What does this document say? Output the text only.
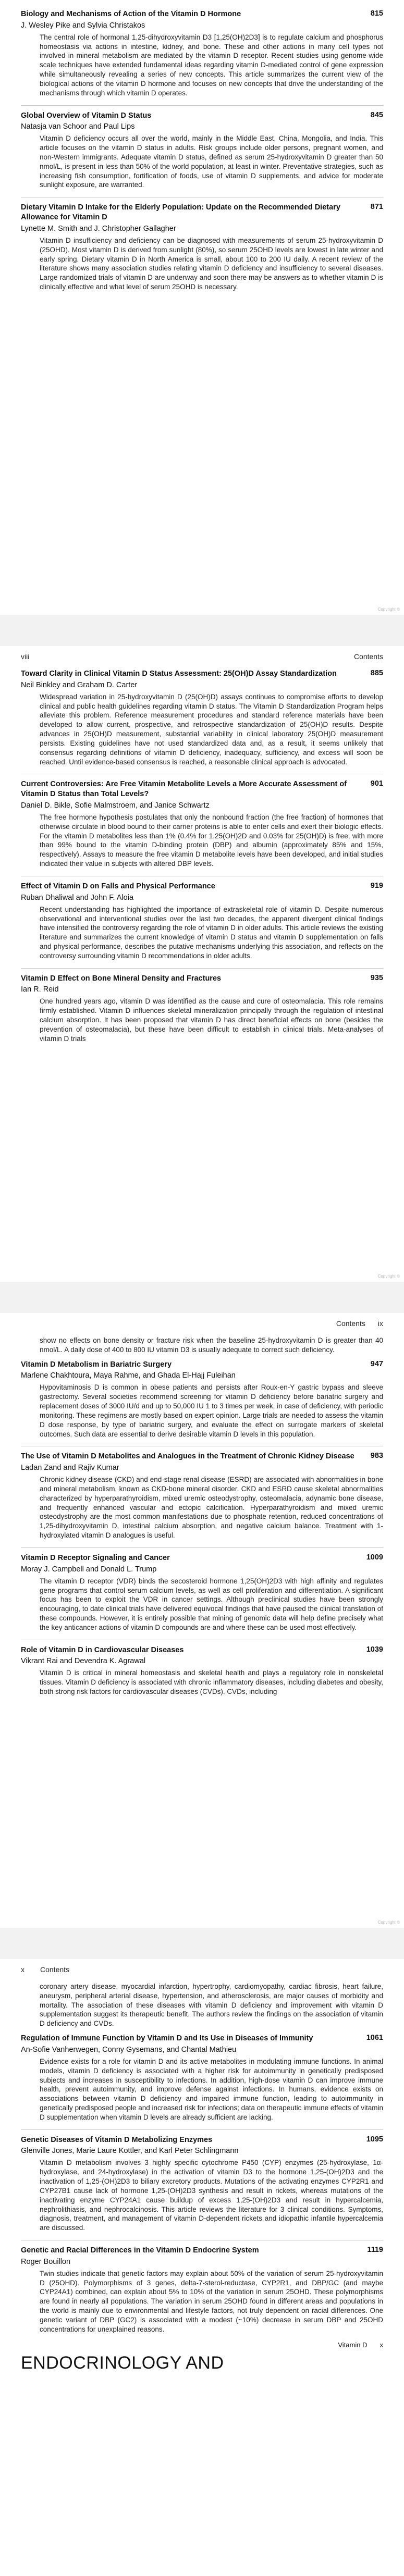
Biology and Mechanisms of Action of the Vitamin D Hormone	815
J. Wesley Pike and Sylvia Christakos

The central role of hormonal 1,25-dihydroxyvitamin D3 [1,25(OH)2D3] is to regulate calcium and phosphorus homeostasis via actions in intestine, kidney, and bone. These and other actions in many cell types not involved in mineral metabolism are mediated by the vitamin D receptor. Recent studies using genome-wide scale techniques have extended fundamental ideas regarding vitamin D-mediated control of gene expression while simultaneously revealing a series of new concepts. This article summarizes the current view of the biological actions of the vitamin D hormone and focuses on new concepts that drive the understanding of the mechanisms through which vitamin D operates.

Global Overview of Vitamin D Status	845
Natasja van Schoor and Paul Lips

Vitamin D deficiency occurs all over the world, mainly in the Middle East, China, Mongolia, and India. This article focuses on the vitamin D status in adults. Risk groups include older persons, pregnant women, and non-Western immigrants. Adequate vitamin D status, defined as serum 25-hydroxyvitamin D greater than 50 nmol/L, is present in less than 50% of the world population, at least in winter. Preventative strategies, such as increasing fish consumption, fortification of foods, use of vitamin D supplements, and advice for moderate sunlight exposure, are warranted.

Dietary Vitamin D Intake for the Elderly Population: Update on the Recommended Dietary Allowance for Vitamin D
871
Lynette M. Smith and J. Christopher Gallagher

Vitamin D insufficiency and deficiency can be diagnosed with measurements of serum 25-hydroxyvitamin D (25OHD). Most vitamin D is derived from sunlight (80%), so serum 25OHD levels are lowest in late winter and early spring. Dietary vitamin D in North America is small, about 100 to 200 IU daily. A recent review of the literature shows many association studies relating vitamin D deficiency and insufficiency to several diseases. Large randomized trials of vitamin D are underway and soon there may be answers as to whether vitamin D is clinically effective and what level of serum 25OHD is necessary.

Copyright ©
viii	Contents
Toward Clarity in Clinical Vitamin D Status Assessment: 25(OH)D Assay Standardization	885
Neil Binkley and Graham D. Carter

Widespread variation in 25-hydroxyvitamin D (25(OH)D) assays continues to compromise efforts to develop clinical and public health guidelines regarding vitamin D status. The Vitamin D Standardization Program helps alleviate this problem. Reference measurement procedures and standard reference materials have been developed to allow current, prospective, and retrospective standardization of 25(OH)D results. Despite advances in 25(OH)D measurement, substantial variability in clinical laboratory 25(OH)D measurement persists. Existing guidelines have not used standardized data and, as a result, it seems unlikely that consensus regarding definitions of vitamin D deficiency, inadequacy, sufficiency, and excess will soon be reached. Until evidence-based consensus is reached, a reasonable clinical approach is advocated.

Current Controversies: Are Free Vitamin Metabolite Levels a More Accurate Assessment of Vitamin D Status than Total Levels?
901
Daniel D. Bikle, Sofie Malmstroem, and Janice Schwartz

The free hormone hypothesis postulates that only the nonbound fraction (the free fraction) of hormones that otherwise circulate in blood bound to their carrier proteins is able to enter cells and exert their biologic effects. For the vitamin D metabolites less than 1% (0.4% for 1,25(OH)2D and 0.03% for 25(OH)D) is free, with more than 99% bound to the vitamin D-binding protein (DBP) and albumin (approximately 85% and 15%, respectively). Assays to measure the free vitamin D metabolite levels have been developed, and initial studies indicated their value in subjects with altered DBP levels.

Effect of Vitamin D on Falls and Physical Performance	919
Ruban Dhaliwal and John F. Aloia

Recent understanding has highlighted the importance of extraskeletal role of vitamin D. Despite numerous observational and interventional studies over the last two decades, the apparent divergent clinical findings have intensified the controversy regarding the role of vitamin D in older adults. This article reviews the existing literature and summarizes the current knowledge of vitamin D status and vitamin D supplementation on falls and physical performance, describes the putative mechanisms underlying this association, and reflects on the controversy surrounding vitamin D recommendations in older adults.

Vitamin D Effect on Bone Mineral Density and Fractures	935
Ian R. Reid

One hundred years ago, vitamin D was identified as the cause and cure of osteomalacia. This role remains firmly established. Vitamin D influences skeletal mineralization principally through the regulation of intestinal calcium absorption. It has been proposed that vitamin D has direct beneficial effects on bone (besides the prevention of osteomalacia), but these have been difficult to establish in clinical trials. Meta-analyses of vitamin D trials

Copyright ©
Contents ix

show no effects on bone density or fracture risk when the baseline 25-hydroxyvitamin D is greater than 40 nmol/L. A daily dose of 400 to 800 IU vitamin D3 is usually adequate to correct such deficiency.

Vitamin D Metabolism in Bariatric Surgery	947
Marlene Chakhtoura, Maya Rahme, and Ghada El-Hajj Fuleihan

Hypovitaminosis D is common in obese patients and persists after Roux-en-Y gastric bypass and sleeve gastrectomy. Several societies recommend screening for vitamin D deficiency before bariatric surgery and replacement doses of 3000 IU/d and up to 50,000 IU 1 to 3 times per week, in case of deficiency, with periodic monitoring. These regimens are mostly based on expert opinion. Large trials are needed to assess the vitamin D dose response, by type of bariatric surgery, and evaluate the effect on surrogate markers of skeletal outcomes. Such data are essential to derive desirable vitamin D levels in this population.

The Use of Vitamin D Metabolites and Analogues in the Treatment of Chronic Kidney Disease	983
Ladan Zand and Rajiv Kumar

Chronic kidney disease (CKD) and end-stage renal disease (ESRD) are associated with abnormalities in bone and mineral metabolism, known as CKD-bone mineral disorder. CKD and ESRD cause skeletal abnormalities characterized by hyperparathyroidism, mixed uremic osteodystrophy, osteomalacia, adynamic bone disease, and frequently enhanced vascular and ectopic calcification. Hyperparathyroidism and mixed uremic osteodystrophy are the most common manifestations due to phosphate retention, reduced concentrations of 1,25-dihydroxyvitamin D, intestinal calcium absorption, and negative calcium balance. Treatment with 1-hydroxylated vitamin D analogues is useful.

Vitamin D Receptor Signaling and Cancer	1009
Moray J. Campbell and Donald L. Trump

The vitamin D receptor (VDR) binds the secosteroid hormone 1,25(OH)2D3 with high affinity and regulates gene programs that control serum calcium levels, as well as cell proliferation and differentiation. A significant focus has been to exploit the VDR in cancer settings. Although preclinical studies have been strongly encouraging, to date clinical trials have delivered equivocal findings that have paused the clinical translation of these compounds. However, it is entirely possible that mining of genomic data will help define precisely what the key anticancer actions of vitamin D compounds are and where these can be used most effectively.

Role of Vitamin D in Cardiovascular Diseases	1039
Vikrant Rai and Devendra K. Agrawal

Vitamin D is critical in mineral homeostasis and skeletal health and plays a regulatory role in nonskeletal tissues. Vitamin D deficiency is associated with chronic inflammatory diseases, including diabetes and obesity, both strong risk factors for cardiovascular diseases (CVDs). CVDs, including

Copyright ©
x Contents

coronary artery disease, myocardial infarction, hypertrophy, cardiomyopathy, cardiac fibrosis, heart failure, aneurysm, peripheral arterial disease, hypertension, and atherosclerosis, are major causes of morbidity and mortality. The association of these diseases with vitamin D deficiency and improvement with vitamin D supplementation suggest its therapeutic benefit. The authors review the findings on the association of vitamin D deficiency and CVDs.

Regulation of Immune Function by Vitamin D and Its Use in Diseases of Immunity	1061
An-Sofie Vanherwegen, Conny Gysemans, and Chantal Mathieu

Evidence exists for a role for vitamin D and its active metabolites in modulating immune functions. In animal models, vitamin D deficiency is associated with a higher risk for autoimmunity in genetically predisposed subjects and increases in susceptibility to infections. In addition, high-dose vitamin D can improve immune health, prevent autoimmunity, and improve defense against infections. In humans, evidence exists on associations between vitamin D deficiency and impaired immune function, leading to autoimmunity in genetically predisposed people and increased risk for infections; data on therapeutic immune effects of vitamin D supplementation when vitamin D levels are already sufficient are lacking.

Genetic Diseases of Vitamin D Metabolizing Enzymes	1095
Glenville Jones, Marie Laure Kottler, and Karl Peter Schlingmann

Vitamin D metabolism involves 3 highly specific cytochrome P450 (CYP) enzymes (25-hydroxylase, 1α-hydroxylase, and 24-hydroxylase) in the activation of vitamin D3 to the hormone 1,25-(OH)2D3 and the inactivation of 1,25-(OH)2D3 to biliary excretory products. Mutations of the activating enzymes CYP2R1 and CYP27B1 cause lack of hormone 1,25-(OH)2D3 synthesis and result in rickets, whereas mutations of the inactivating enzyme CYP24A1 cause buildup of excess 1,25-(OH)2D3 and result in hypercalcemia, nephrolithiasis, and nephrocalcinosis. This article reviews the literature for 3 clinical conditions. Symptoms, diagnosis, treatment, and management of vitamin D-dependent rickets and idiopathic infantile hypercalcemia are discussed.

Genetic and Racial Differences in the Vitamin D Endocrine System	1119
Roger Bouillon

Twin studies indicate that genetic factors may explain about 50% of the variation of serum 25-hydroxyvitamin D (25OHD). Polymorphisms of 3 genes, delta-7-sterol-reductase, CYP2R1, and DBP/GC (and maybe CYP24A1) combined, can explain about 5% to 10% of the variation in serum 25OHD. These polymorphisms are found in nearly all populations. The variation in serum 25OHD found in different areas and populations in the world is mainly due to environmental and lifestyle factors, not truly dependent on racial differences. One genetic variant of DBP (GC2) is associated with a modest (~10%) decrease in serum DBP and 25OHD concentrations for unexplained reasons.

Vitamin D x
ENDOCRINOLOGY AND
